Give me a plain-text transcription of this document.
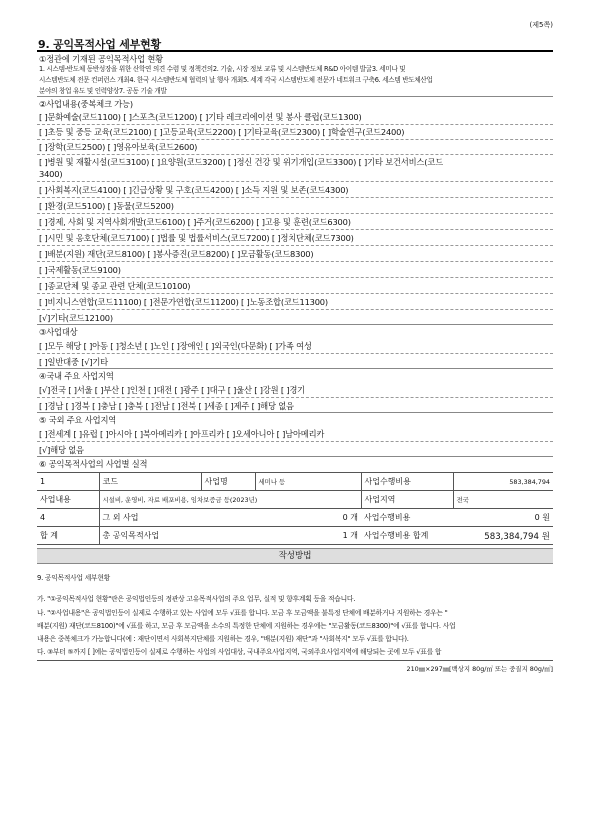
(제5쪽)
9. 공익목적사업 세부현황
①정관에 기재된 공익목적사업 현황
1. 시스템-반도체 동반성장을 위한 산학연 의견 수렴 및 정책건의2. 기술, 시장 정보 교류 및 시스템반도체 R&D 아이템 발굴3. 세미나 및
시스템반도체 전문 컨퍼런스 개최4. 한국 시스템반도체 협력의 날 행사 개최5. 세계 각국 시스템반도체 전문가 네트워크 구축6. 세스템 반도체산업
분야의 창업 유도 및 인력양상7. 공동 기술 개발
②사업내용(중복체크 가능)
[ ]문화예술(코드1100) [ ]스포츠(코드1200) [ ]기타 레크리에이션 및 봉사 클럽(코드1300)
[ ]초등 및 중등 교육(코드2100) [ ]고등교육(코드2200) [ ]기타교육(코드2300) [ ]학술연구(코드2400)
[ ]장학(코드2500) [ ]영유아보육(코드2600)
[ ]병원 및 재활시설(코드3100) [ ]요양원(코드3200) [ ]정신 건강 및 위기개입(코드3300) [ ]기타 보건서비스(코드
3400)
[ ]사회복지(코드4100) [ ]긴급상황 및 구호(코드4200) [ ]소득 지원 및 보존(코드4300)
[ ]환경(코드5100) [ ]동물(코드5200)
[ ]경제, 사회 및 지역사회개발(코드6100) [ ]주거(코드6200) [ ]고용 및 훈련(코드6300)
[ ]시민 및 옹호단체(코드7100) [ ]법률 및 법률서비스(코드7200) [ ]정치단체(코드7300)
[ ]배분(지원) 재단(코드8100) [ ]봉사증진(코드8200) [ ]모금활동(코드8300)
[ ]국제활동(코드9100)
[ ]종교단체 및 종교 관련 단체(코드10100)
[ ]비지니스연합(코드11100) [ ]전문가연합(코드11200) [ ]노동조합(코드11300)
[√]기타(코드12100)
③사업대상
[ ]모두 해당 [ ]아동 [ ]청소년 [ ]노인 [ ]장애인 [ ]외국인(다문화) [ ]가족 여성
[ ]일반대중 [√]기타
④국내 주요 사업지역
[√]전국 [ ]서울 [ ]부산 [ ]인천 [ ]대전 [ ]광주 [ ]대구 [ ]울산 [ ]강원 [ ]경기
[ ]경남 [ ]경북 [ ]충남 [ ]충북 [ ]전남 [ ]전북 [ ]세종 [ ]제주 [ ]해당 없음
⑤ 국외 주요 사업지역
[ ]전세계 [ ]유럽 [ ]아시아 [ ]북아메리카 [ ]아프리카 [ ]오세아니아 [ ]남아메리카
[√]해당 없음
⑥ 공익목적사업의 사업별 실적
1	코드	사업명	세미나 등	사업수행비용	583,384,794
사업내용	시설비, 운영비, 자료 배포비용, 임차보증금 등(2023년)			사업지역	전국
4	그 외 사업	0 개		사업수행비용	0 원
합 계	총 공익목적사업	1 개		사업수행비용 합계	583,384,794 원
작성방법
9. 공익목적사업 세부현황
가. "①공익목적사업 현황"란은 공익법인등의 정관상 고유목적사업의 주요 업무, 실적 및 향후계획 등을 적습니다.
나. "②사업내용"은 공익법인등이 실제로 수행하고 있는 사업에 모두 √표를 합니다. 모금 후 모금액을 불특정 단체에 배분하거나 지원하는 경우는 "
배분(지원) 재단(코드8100)"에 √표를 하고, 모금 후 모금액을 소수의 특정한 단체에 지원하는 경우에는 "모금활동(코드8300)"에 √표를 합니다. 사업
내용은 중복체크가 가능합니다(예 : 재단이면서 사회복지단체를 지원하는 경우, "배분(지원) 재단"과 "사회복지" 모두 √표를 합니다).
다. ③부터 ⑤까지 [ ]에는 공익법인등이 실제로 수행하는 사업의 사업대상, 국내주요사업지역, 국외주요사업지역에 해당되는 곳에 모두 √표를 합
210㎜×297㎜[백상지 80g/㎡ 또는 중질지 80g/㎡]
